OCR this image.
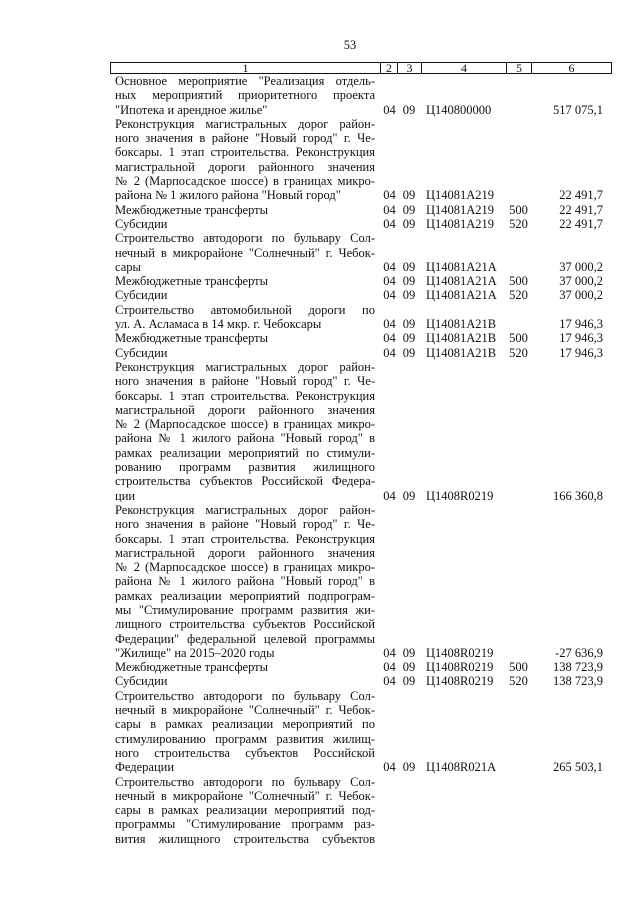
53
1	2	3	4	5	6
Основное мероприятие "Реализация отдель-
ных мероприятий приоритетного проекта
"Ипотека и арендное жилье"	04 09 Ц140800000	517 075,1
Реконструкция магистральных дорог район-
ного значения в районе "Новый город" г. Че-
боксары. 1 этап строительства. Реконструкция
магистральной дороги районного значения
№ 2 (Марпосадское шоссе) в границах микро-
района № 1 жилого района "Новый город"	04 09 Ц14081A219	22 491,7
Межбюджетные трансферты	04 09 Ц14081A219	500	22 491,7
Субсидии	04 09 Ц14081A219	520	22 491,7
Строительство автодороги по бульвару Сол-
нечный в микрорайоне "Солнечный" г. Чебок-
сары	04 09 Ц14081A21A	37 000,2
Межбюджетные трансферты	04 09 Ц14081A21A 500	37 000,2
Субсидии	04 09 Ц14081A21A 520	37 000,2
Строительство автомобильной дороги по
ул. А. Асламаса в 14 мкр. г. Чебоксары	04 09 Ц14081A21B	17 946,3
Межбюджетные трансферты	04 09 Ц14081A21B	500	17 946,3
Субсидии	04 09 Ц14081A21B	520	17 946,3
Реконструкция магистральных дорог район-
ного значения в районе "Новый город" г. Че-
боксары. 1 этап строительства. Реконструкция
магистральной дороги районного значения
№ 2 (Марпосадское шоссе) в границах микро-
района № 1 жилого района "Новый город" в
рамках реализации мероприятий по стимули-
рованию программ развития жилищного
строительства субъектов Российской Федера-
ции	04 09 Ц1408R0219	166 360,8
Реконструкция магистральных дорог район-
ного значения в районе "Новый город" г. Че-
боксары. 1 этап строительства. Реконструкция
магистральной дороги районного значения
№ 2 (Марпосадское шоссе) в границах микро-
района № 1 жилого района "Новый город" в
рамках реализации мероприятий подпрограм-
мы "Стимулирование программ развития жи-
лищного строительства субъектов Российской
Федерации" федеральной целевой программы
"Жилище" на 2015–2020 годы	04 09 Ц1408R0219	-27 636,9
Межбюджетные трансферты	04 09 Ц1408R0219	500	138 723,9
Субсидии	04 09 Ц1408R0219	520	138 723,9
Строительство автодороги по бульвару Сол-
нечный в микрорайоне "Солнечный" г. Чебок-
сары в рамках реализации мероприятий по
стимулированию программ развития жилищ-
ного строительства субъектов Российской
Федерации	04 09 Ц1408R021A	265 503,1
Строительство автодороги по бульвару Сол-
нечный в микрорайоне "Солнечный" г. Чебок-
сары в рамках реализации мероприятий под-
программы "Стимулирование программ раз-
вития жилищного строительства субъектов
